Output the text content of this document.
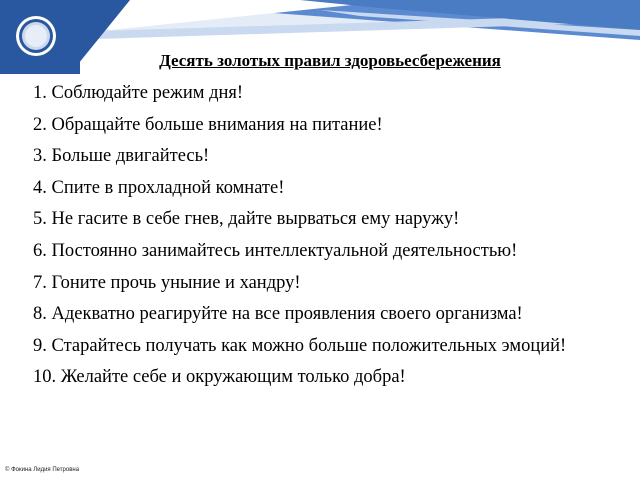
Десять золотых правил здоровьесбережения
1. Соблюдайте режим дня!
2. Обращайте больше внимания на питание!
3. Больше двигайтесь!
4. Спите в прохладной комнате!
5. Не гасите в себе гнев, дайте вырваться ему наружу!
6. Постоянно занимайтесь интеллектуальной деятельностью!
7. Гоните прочь уныние и хандру!
8. Адекватно реагируйте на все проявления своего организма!
9. Старайтесь получать как можно больше положительных эмоций!
10. Желайте себе и окружающим только добра!
© Фокина Лидия Петровна
